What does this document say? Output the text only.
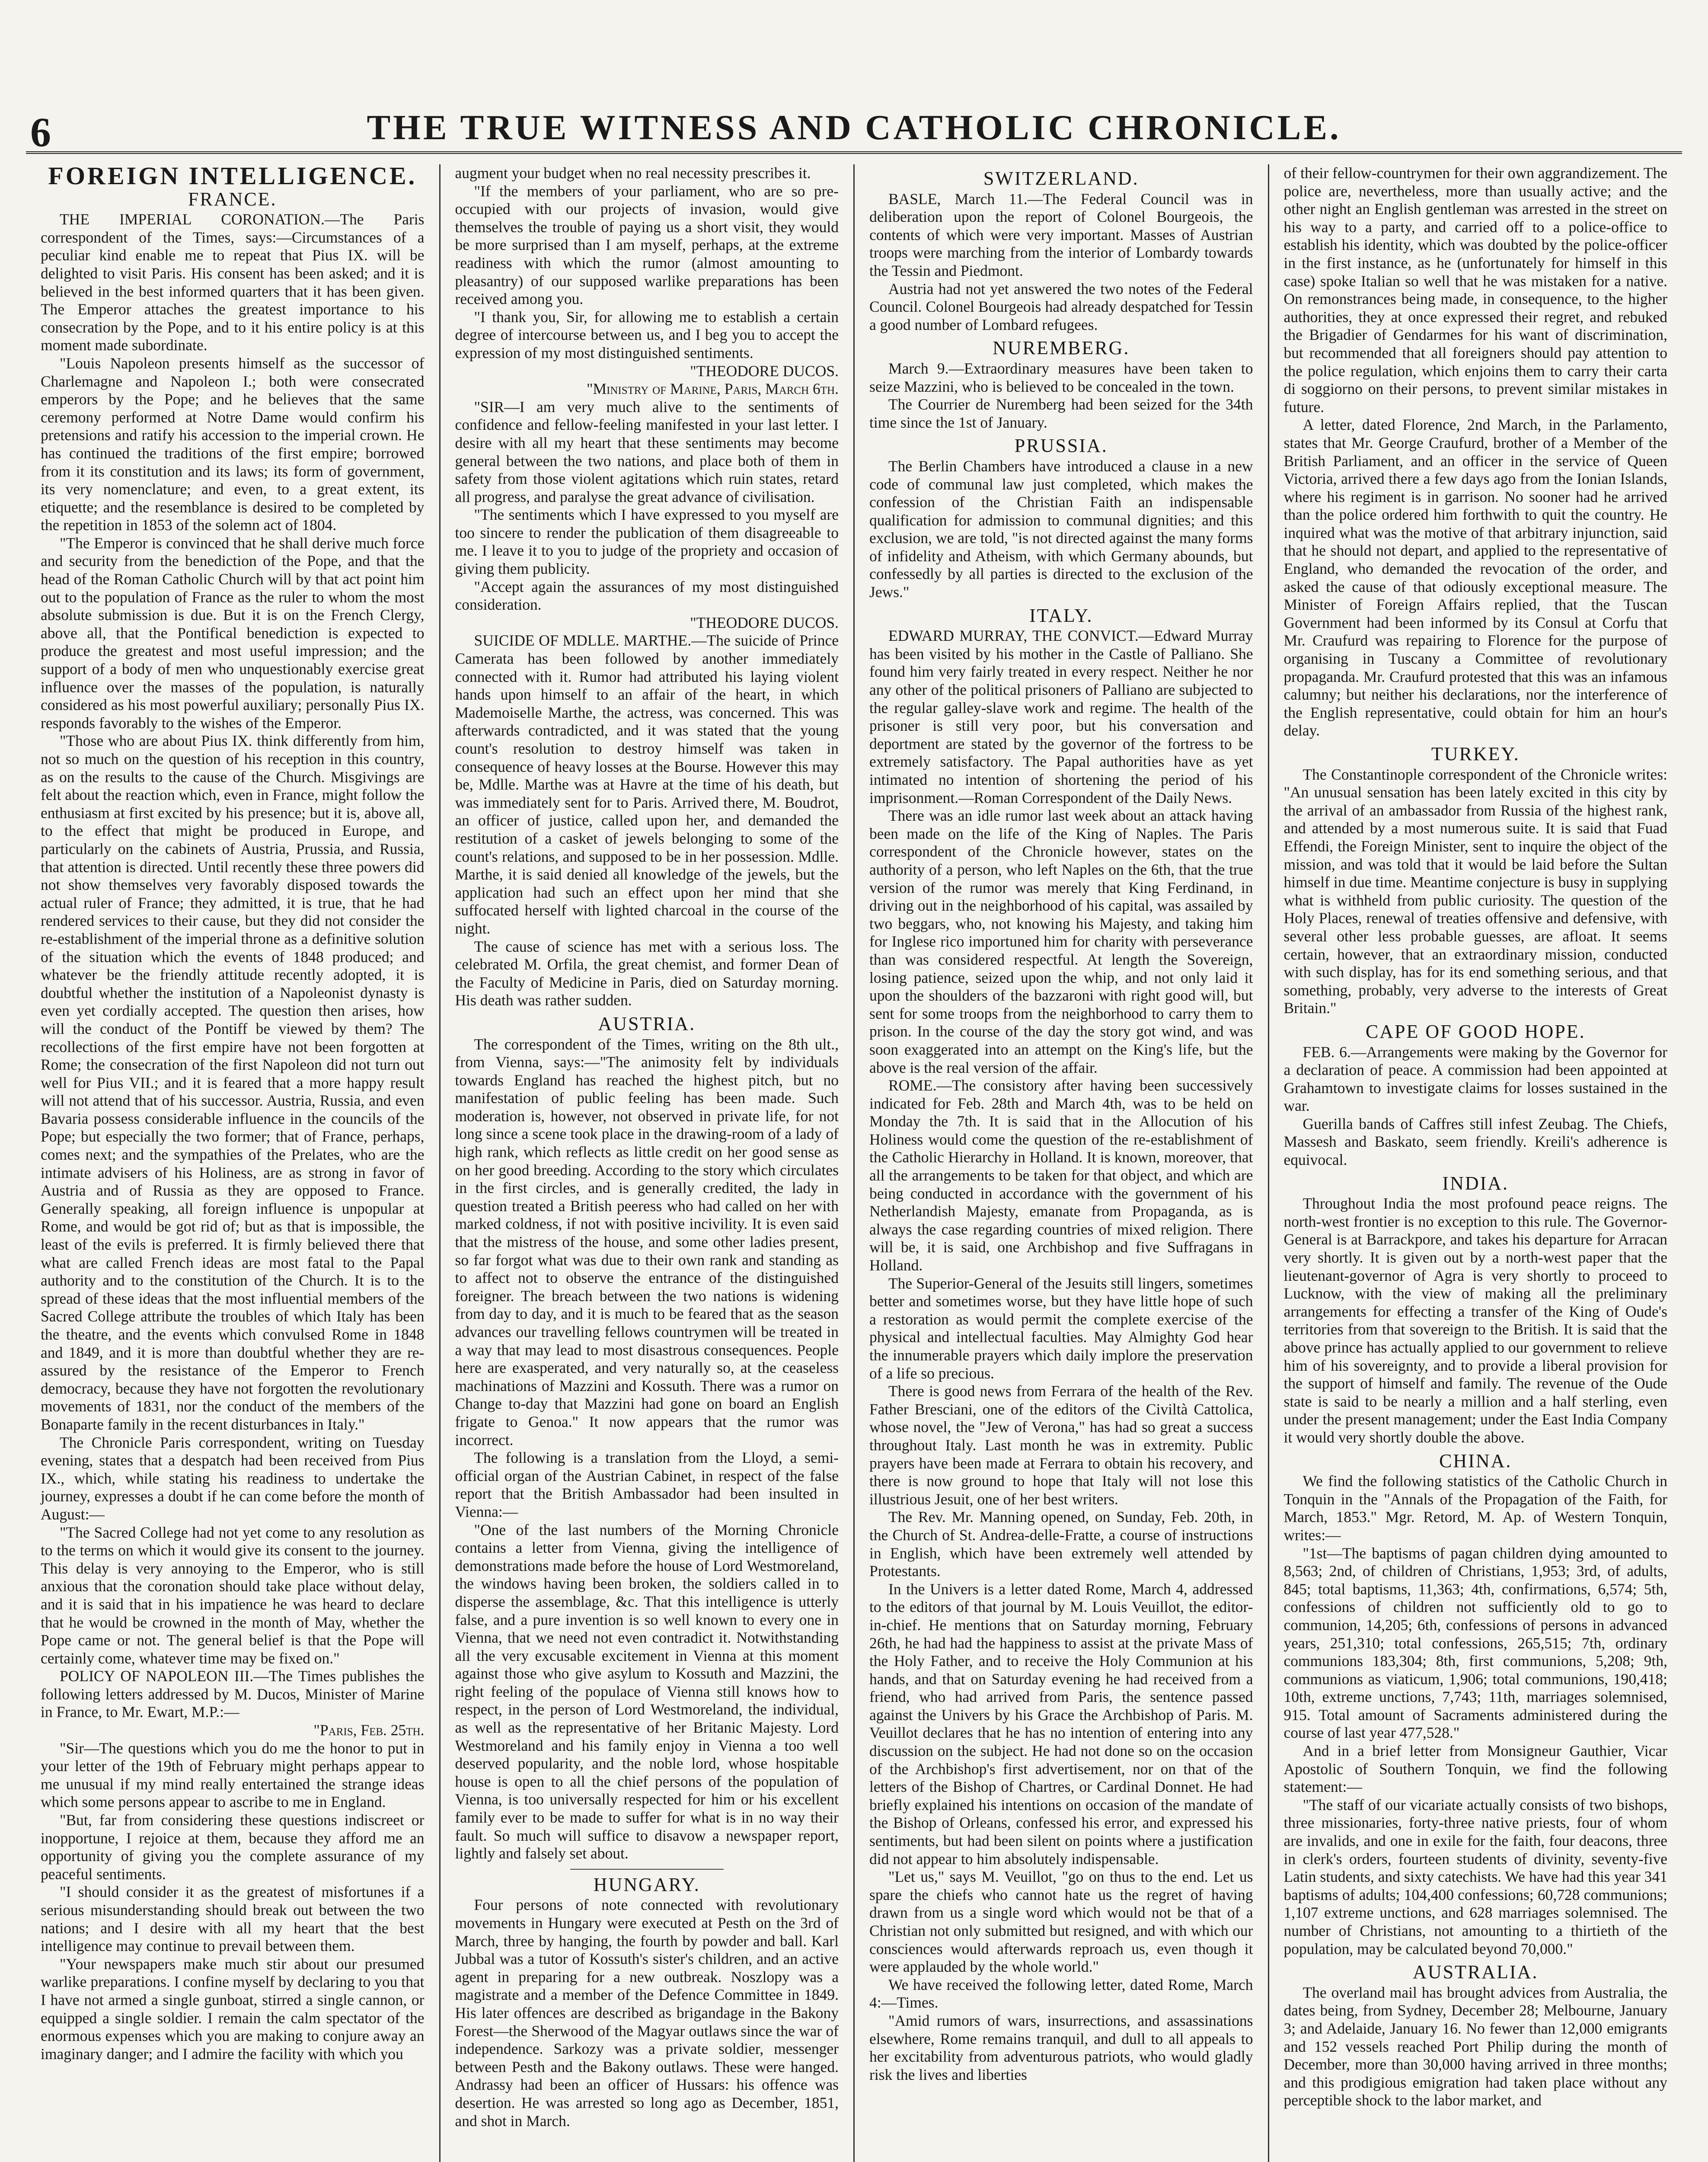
6	THE TRUE WITNESS AND CATHOLIC CHRONICLE.
FOREIGN INTELLIGENCE.
FRANCE.

THE IMPERIAL CORONATION.—The Paris correspondent of the Times, says:—Circumstances of a peculiar kind enable me to repeat that Pius IX. will be delighted to visit Paris. His consent has been asked; and it is believed in the best informed quarters that it has been given. The Emperor attaches the greatest importance to his consecration by the Pope, and to it his entire policy is at this moment made subordinate.

"Louis Napoleon presents himself as the successor of Charlemagne and Napoleon I.; both were consecrated emperors by the Pope; and he believes that the same ceremony performed at Notre Dame would confirm his pretensions and ratify his accession to the imperial crown. He has continued the traditions of the first empire; borrowed from it its constitution and its laws; its form of government, its very nomenclature; and even, to a great extent, its etiquette; and the resemblance is desired to be completed by the repetition in 1853 of the solemn act of 1804.

"The Emperor is convinced that he shall derive much force and security from the benediction of the Pope, and that the head of the Roman Catholic Church will by that act point him out to the population of France as the ruler to whom the most absolute submission is due. But it is on the French Clergy, above all, that the Pontifical benediction is expected to produce the greatest and most useful impression; and the support of a body of men who unquestionably exercise great influence over the masses of the population, is naturally considered as his most powerful auxiliary; personally Pius IX. responds favorably to the wishes of the Emperor.

"Those who are about Pius IX. think differently from him, not so much on the question of his reception in this country, as on the results to the cause of the Church. Misgivings are felt about the reaction which, even in France, might follow the enthusiasm at first excited by his presence; but it is, above all, to the effect that might be produced in Europe, and particularly on the cabinets of Austria, Prussia, and Russia, that attention is directed. Until recently these three powers did not show themselves very favorably disposed towards the actual ruler of France; they admitted, it is true, that he had rendered services to their cause, but they did not consider the re-establishment of the imperial throne as a definitive solution of the situation which the events of 1848 produced; and whatever be the friendly attitude recently adopted, it is doubtful whether the institution of a Napoleonist dynasty is even yet cordially accepted. The question then arises, how will the conduct of the Pontiff be viewed by them? The recollections of the first empire have not been forgotten at Rome; the consecration of the first Napoleon did not turn out well for Pius VII.; and it is feared that a more happy result will not attend that of his successor. Austria, Russia, and even Bavaria possess considerable influence in the councils of the Pope; but especially the two former; that of France, perhaps, comes next; and the sympathies of the Prelates, who are the intimate advisers of his Holiness, are as strong in favor of Austria and of Russia as they are opposed to France. Generally speaking, all foreign influence is unpopular at Rome, and would be got rid of; but as that is impossible, the least of the evils is preferred. It is firmly believed there that what are called French ideas are most fatal to the Papal authority and to the constitution of the Church. It is to the spread of these ideas that the most influential members of the Sacred College attribute the troubles of which Italy has been the theatre, and the events which convulsed Rome in 1848 and 1849, and it is more than doubtful whether they are re-assured by the resistance of the Emperor to French democracy, because they have not forgotten the revolutionary movements of 1831, nor the conduct of the members of the Bonaparte family in the recent disturbances in Italy."

The Chronicle Paris correspondent, writing on Tuesday evening, states that a despatch had been received from Pius IX., which, while stating his readiness to undertake the journey, expresses a doubt if he can come before the month of August:—

"The Sacred College had not yet come to any resolution as to the terms on which it would give its consent to the journey. This delay is very annoying to the Emperor, who is still anxious that the coronation should take place without delay, and it is said that in his impatience he was heard to declare that he would be crowned in the month of May, whether the Pope came or not. The general belief is that the Pope will certainly come, whatever time may be fixed on."

POLICY OF NAPOLEON III.—The Times publishes the following letters addressed by M. Ducos, Minister of Marine in France, to Mr. Ewart, M.P.:—

"Paris, Feb. 25th.

"Sir—The questions which you do me the honor to put in your letter of the 19th of February might perhaps appear to me unusual if my mind really entertained the strange ideas which some persons appear to ascribe to me in England.

"But, far from considering these questions indiscreet or inopportune, I rejoice at them, because they afford me an opportunity of giving you the complete assurance of my peaceful sentiments.

"I should consider it as the greatest of misfortunes if a serious misunderstanding should break out between the two nations; and I desire with all my heart that the best intelligence may continue to prevail between them.

"Your newspapers make much stir about our presumed warlike preparations. I confine myself by declaring to you that I have not armed a single gunboat, stirred a single cannon, or equipped a single soldier. I remain the calm spectator of the enormous expenses which you are making to conjure away an imaginary danger; and I admire the facility with which you

augment your budget when no real necessity prescribes it.

"If the members of your parliament, who are so pre-occupied with our projects of invasion, would give themselves the trouble of paying us a short visit, they would be more surprised than I am myself, perhaps, at the extreme readiness with which the rumor (almost amounting to pleasantry) of our supposed warlike preparations has been received among you.

"I thank you, Sir, for allowing me to establish a certain degree of intercourse between us, and I beg you to accept the expression of my most distinguished sentiments.

"THEODORE DUCOS.

"Ministry of Marine, Paris, March 6th.

"SIR—I am very much alive to the sentiments of confidence and fellow-feeling manifested in your last letter. I desire with all my heart that these sentiments may become general between the two nations, and place both of them in safety from those violent agitations which ruin states, retard all progress, and paralyse the great advance of civilisation.

"The sentiments which I have expressed to you myself are too sincere to render the publication of them disagreeable to me. I leave it to you to judge of the propriety and occasion of giving them publicity.

"Accept again the assurances of my most distinguished consideration.

"THEODORE DUCOS.

SUICIDE OF MDLLE. MARTHE.—The suicide of Prince Camerata has been followed by another immediately connected with it. Rumor had attributed his laying violent hands upon himself to an affair of the heart, in which Mademoiselle Marthe, the actress, was concerned. This was afterwards contradicted, and it was stated that the young count's resolution to destroy himself was taken in consequence of heavy losses at the Bourse. However this may be, Mdlle. Marthe was at Havre at the time of his death, but was immediately sent for to Paris. Arrived there, M. Boudrot, an officer of justice, called upon her, and demanded the restitution of a casket of jewels belonging to some of the count's relations, and supposed to be in her possession. Mdlle. Marthe, it is said denied all knowledge of the jewels, but the application had such an effect upon her mind that she suffocated herself with lighted charcoal in the course of the night.

The cause of science has met with a serious loss. The celebrated M. Orfila, the great chemist, and former Dean of the Faculty of Medicine in Paris, died on Saturday morning. His death was rather sudden.

AUSTRIA.

The correspondent of the Times, writing on the 8th ult., from Vienna, says:—"The animosity felt by individuals towards England has reached the highest pitch, but no manifestation of public feeling has been made. Such moderation is, however, not observed in private life, for not long since a scene took place in the drawing-room of a lady of high rank, which reflects as little credit on her good sense as on her good breeding. According to the story which circulates in the first circles, and is generally credited, the lady in question treated a British peeress who had called on her with marked coldness, if not with positive incivility. It is even said that the mistress of the house, and some other ladies present, so far forgot what was due to their own rank and standing as to affect not to observe the entrance of the distinguished foreigner. The breach between the two nations is widening from day to day, and it is much to be feared that as the season advances our travelling fellows countrymen will be treated in a way that may lead to most disastrous consequences. People here are exasperated, and very naturally so, at the ceaseless machinations of Mazzini and Kossuth. There was a rumor on Change to-day that Mazzini had gone on board an English frigate to Genoa." It now appears that the rumor was incorrect.

The following is a translation from the Lloyd, a semi-official organ of the Austrian Cabinet, in respect of the false report that the British Ambassador had been insulted in Vienna:—

"One of the last numbers of the Morning Chronicle contains a letter from Vienna, giving the intelligence of demonstrations made before the house of Lord Westmoreland, the windows having been broken, the soldiers called in to disperse the assemblage, &c. That this intelligence is utterly false, and a pure invention is so well known to every one in Vienna, that we need not even contradict it. Notwithstanding all the very excusable excitement in Vienna at this moment against those who give asylum to Kossuth and Mazzini, the right feeling of the populace of Vienna still knows how to respect, in the person of Lord Westmoreland, the individual, as well as the representative of her Britanic Majesty. Lord Westmoreland and his family enjoy in Vienna a too well deserved popularity, and the noble lord, whose hospitable house is open to all the chief persons of the population of Vienna, is too universally respected for him or his excellent family ever to be made to suffer for what is in no way their fault. So much will suffice to disavow a newspaper report, lightly and falsely set about.

HUNGARY.

Four persons of note connected with revolutionary movements in Hungary were executed at Pesth on the 3rd of March, three by hanging, the fourth by powder and ball. Karl Jubbal was a tutor of Kossuth's sister's children, and an active agent in preparing for a new outbreak. Noszlopy was a magistrate and a member of the Defence Committee in 1849. His later offences are described as brigandage in the Bakony Forest—the Sherwood of the Magyar outlaws since the war of independence. Sarkozy was a private soldier, messenger between Pesth and the Bakony outlaws. These were hanged. Andrassy had been an officer of Hussars: his offence was desertion. He was arrested so long ago as December, 1851, and shot in March.

SWITZERLAND.

BASLE, March 11.—The Federal Council was in deliberation upon the report of Colonel Bourgeois, the contents of which were very important. Masses of Austrian troops were marching from the interior of Lombardy towards the Tessin and Piedmont.

Austria had not yet answered the two notes of the Federal Council. Colonel Bourgeois had already despatched for Tessin a good number of Lombard refugees.

NUREMBERG.

March 9.—Extraordinary measures have been taken to seize Mazzini, who is believed to be concealed in the town.

The Courrier de Nuremberg had been seized for the 34th time since the 1st of January.

PRUSSIA.

The Berlin Chambers have introduced a clause in a new code of communal law just completed, which makes the confession of the Christian Faith an indispensable qualification for admission to communal dignities; and this exclusion, we are told, "is not directed against the many forms of infidelity and Atheism, with which Germany abounds, but confessedly by all parties is directed to the exclusion of the Jews."

ITALY.

EDWARD MURRAY, THE CONVICT.—Edward Murray has been visited by his mother in the Castle of Palliano. She found him very fairly treated in every respect. Neither he nor any other of the political prisoners of Palliano are subjected to the regular galley-slave work and regime. The health of the prisoner is still very poor, but his conversation and deportment are stated by the governor of the fortress to be extremely satisfactory. The Papal authorities have as yet intimated no intention of shortening the period of his imprisonment.—Roman Correspondent of the Daily News.

There was an idle rumor last week about an attack having been made on the life of the King of Naples. The Paris correspondent of the Chronicle however, states on the authority of a person, who left Naples on the 6th, that the true version of the rumor was merely that King Ferdinand, in driving out in the neighborhood of his capital, was assailed by two beggars, who, not knowing his Majesty, and taking him for Inglese rico importuned him for charity with perseverance than was considered respectful. At length the Sovereign, losing patience, seized upon the whip, and not only laid it upon the shoulders of the bazzaroni with right good will, but sent for some troops from the neighborhood to carry them to prison. In the course of the day the story got wind, and was soon exaggerated into an attempt on the King's life, but the above is the real version of the affair.

ROME.—The consistory after having been successively indicated for Feb. 28th and March 4th, was to be held on Monday the 7th. It is said that in the Allocution of his Holiness would come the question of the re-establishment of the Catholic Hierarchy in Holland. It is known, moreover, that all the arrangements to be taken for that object, and which are being conducted in accordance with the government of his Netherlandish Majesty, emanate from Propaganda, as is always the case regarding countries of mixed religion. There will be, it is said, one Archbishop and five Suffragans in Holland.

The Superior-General of the Jesuits still lingers, sometimes better and sometimes worse, but they have little hope of such a restoration as would permit the complete exercise of the physical and intellectual faculties. May Almighty God hear the innumerable prayers which daily implore the preservation of a life so precious.

There is good news from Ferrara of the health of the Rev. Father Bresciani, one of the editors of the Civiltà Cattolica, whose novel, the "Jew of Verona," has had so great a success throughout Italy. Last month he was in extremity. Public prayers have been made at Ferrara to obtain his recovery, and there is now ground to hope that Italy will not lose this illustrious Jesuit, one of her best writers.

The Rev. Mr. Manning opened, on Sunday, Feb. 20th, in the Church of St. Andrea-delle-Fratte, a course of instructions in English, which have been extremely well attended by Protestants.

In the Univers is a letter dated Rome, March 4, addressed to the editors of that journal by M. Louis Veuillot, the editor-in-chief. He mentions that on Saturday morning, February 26th, he had had the happiness to assist at the private Mass of the Holy Father, and to receive the Holy Communion at his hands, and that on Saturday evening he had received from a friend, who had arrived from Paris, the sentence passed against the Univers by his Grace the Archbishop of Paris. M. Veuillot declares that he has no intention of entering into any discussion on the subject. He had not done so on the occasion of the Archbishop's first advertisement, nor on that of the letters of the Bishop of Chartres, or Cardinal Donnet. He had briefly explained his intentions on occasion of the mandate of the Bishop of Orleans, confessed his error, and expressed his sentiments, but had been silent on points where a justification did not appear to him absolutely indispensable.

"Let us," says M. Veuillot, "go on thus to the end. Let us spare the chiefs who cannot hate us the regret of having drawn from us a single word which would not be that of a Christian not only submitted but resigned, and with which our consciences would afterwards reproach us, even though it were applauded by the whole world."

We have received the following letter, dated Rome, March 4:—Times.

"Amid rumors of wars, insurrections, and assassinations elsewhere, Rome remains tranquil, and dull to all appeals to her excitability from adventurous patriots, who would gladly risk the lives and liberties

of their fellow-countrymen for their own aggrandizement. The police are, nevertheless, more than usually active; and the other night an English gentleman was arrested in the street on his way to a party, and carried off to a police-office to establish his identity, which was doubted by the police-officer in the first instance, as he (unfortunately for himself in this case) spoke Italian so well that he was mistaken for a native. On remonstrances being made, in consequence, to the higher authorities, they at once expressed their regret, and rebuked the Brigadier of Gendarmes for his want of discrimination, but recommended that all foreigners should pay attention to the police regulation, which enjoins them to carry their carta di soggiorno on their persons, to prevent similar mistakes in future.

A letter, dated Florence, 2nd March, in the Parlamento, states that Mr. George Craufurd, brother of a Member of the British Parliament, and an officer in the service of Queen Victoria, arrived there a few days ago from the Ionian Islands, where his regiment is in garrison. No sooner had he arrived than the police ordered him forthwith to quit the country. He inquired what was the motive of that arbitrary injunction, said that he should not depart, and applied to the representative of England, who demanded the revocation of the order, and asked the cause of that odiously exceptional measure. The Minister of Foreign Affairs replied, that the Tuscan Government had been informed by its Consul at Corfu that Mr. Craufurd was repairing to Florence for the purpose of organising in Tuscany a Committee of revolutionary propaganda. Mr. Craufurd protested that this was an infamous calumny; but neither his declarations, nor the interference of the English representative, could obtain for him an hour's delay.

TURKEY.

The Constantinople correspondent of the Chronicle writes: "An unusual sensation has been lately excited in this city by the arrival of an ambassador from Russia of the highest rank, and attended by a most numerous suite. It is said that Fuad Effendi, the Foreign Minister, sent to inquire the object of the mission, and was told that it would be laid before the Sultan himself in due time. Meantime conjecture is busy in supplying what is withheld from public curiosity. The question of the Holy Places, renewal of treaties offensive and defensive, with several other less probable guesses, are afloat. It seems certain, however, that an extraordinary mission, conducted with such display, has for its end something serious, and that something, probably, very adverse to the interests of Great Britain."

CAPE OF GOOD HOPE.

FEB. 6.—Arrangements were making by the Governor for a declaration of peace. A commission had been appointed at Grahamtown to investigate claims for losses sustained in the war.

Guerilla bands of Caffres still infest Zeubag. The Chiefs, Massesh and Baskato, seem friendly. Kreili's adherence is equivocal.

INDIA.

Throughout India the most profound peace reigns. The north-west frontier is no exception to this rule. The Governor-General is at Barrackpore, and takes his departure for Arracan very shortly. It is given out by a north-west paper that the lieutenant-governor of Agra is very shortly to proceed to Lucknow, with the view of making all the preliminary arrangements for effecting a transfer of the King of Oude's territories from that sovereign to the British. It is said that the above prince has actually applied to our government to relieve him of his sovereignty, and to provide a liberal provision for the support of himself and family. The revenue of the Oude state is said to be nearly a million and a half sterling, even under the present management; under the East India Company it would very shortly double the above.

CHINA.

We find the following statistics of the Catholic Church in Tonquin in the "Annals of the Propagation of the Faith, for March, 1853." Mgr. Retord, M. Ap. of Western Tonquin, writes:—

"1st—The baptisms of pagan children dying amounted to 8,563; 2nd, of children of Christians, 1,953; 3rd, of adults, 845; total baptisms, 11,363; 4th, confirmations, 6,574; 5th, confessions of children not sufficiently old to go to communion, 14,205; 6th, confessions of persons in advanced years, 251,310; total confessions, 265,515; 7th, ordinary communions 183,304; 8th, first communions, 5,208; 9th, communions as viaticum, 1,906; total communions, 190,418; 10th, extreme unctions, 7,743; 11th, marriages solemnised, 915. Total amount of Sacraments administered during the course of last year 477,528."

And in a brief letter from Monsigneur Gauthier, Vicar Apostolic of Southern Tonquin, we find the following statement:—

"The staff of our vicariate actually consists of two bishops, three missionaries, forty-three native priests, four of whom are invalids, and one in exile for the faith, four deacons, three in clerk's orders, fourteen students of divinity, seventy-five Latin students, and sixty catechists. We have had this year 341 baptisms of adults; 104,400 confessions; 60,728 communions; 1,107 extreme unctions, and 628 marriages solemnised. The number of Christians, not amounting to a thirtieth of the population, may be calculated beyond 70,000."

AUSTRALIA.

The overland mail has brought advices from Australia, the dates being, from Sydney, December 28; Melbourne, January 3; and Adelaide, January 16. No fewer than 12,000 emigrants and 152 vessels reached Port Philip during the month of December, more than 30,000 having arrived in three months; and this prodigious emigration had taken place without any perceptible shock to the labor market, and
